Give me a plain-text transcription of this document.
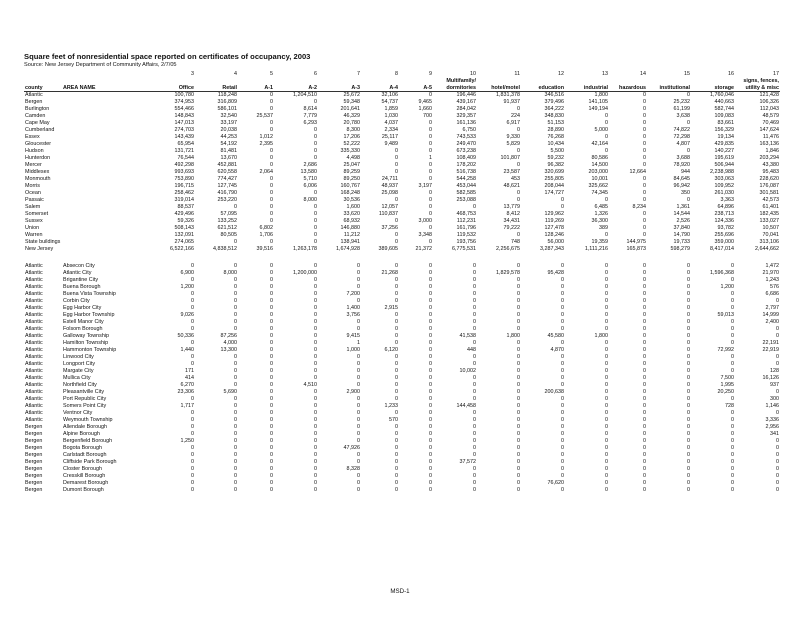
Square feet of nonresidential space reported on certificates of occupancy, 2003
Source: New Jersey Department of Community Affairs, 2/7/05
		3	4	5	6	7	8	9	10	11	12	13	14	15	16	17
									Multifamily/							signs, fences,
county	AREA NAME	Office	Retail	A-1	A-2	A-3	A-4	A-5	dormitories	hotel/motel	education	industrial	hazardous	institutional	storage	utility & misc
Atlantic		100,780	118,248	0	1,204,510	25,672	32,106	0	196,446	1,831,378	346,516	1,800	0	0	1,760,046	121,428
Bergen		374,953	316,809	0	0	59,348	54,737	9,465	439,167	91,937	379,496	141,105	0	25,232	440,663	106,326
Burlington		554,466	586,101	0	8,614	201,641	1,859	1,660	284,042	0	364,222	149,194	0	61,199	582,744	112,043
Camden		148,843	32,540	25,537	7,779	46,329	1,030	700	329,357	224	348,830	0	0	3,638	109,083	48,579
Cape May		147,013	33,197	0	6,293	20,780	4,037	0	161,136	6,917	51,153	0	0	0	83,661	70,469
Cumberland		274,703	20,038	0	0	8,300	2,334	0	6,750	0	28,890	5,000	0	74,822	156,329	147,624
Essex		143,439	44,253	1,012	0	17,206	25,117	0	743,533	9,330	76,268	0	0	72,298	19,134	11,476
Gloucester		65,954	54,192	2,395	0	52,222	9,489	0	249,470	5,829	10,434	42,164	0	4,807	429,835	163,136
Hudson		131,721	81,481	0	0	335,330	0	0	673,238	0	5,500	0	0	0	140,227	1,846
Hunterdon		76,544	13,670	0	0	4,498	0	1	108,409	101,807	59,232	80,586	0	3,688	195,619	203,294
Mercer		492,298	452,881	0	2,686	25,047	0	0	178,202	0	96,382	14,500	0	78,920	506,944	43,380
Middlesex		993,693	620,558	2,064	13,580	89,259	0	0	516,738	23,587	320,699	203,000	12,664	944	2,238,988	95,483
Monmouth		753,890	774,427	0	5,710	89,250	24,711	0	544,258	453	255,805	10,001	0	84,645	303,063	228,620
Morris		196,715	127,745	0	6,006	160,767	48,937	3,197	453,044	48,621	208,044	325,662	0	96,942	109,952	176,087
Ocean		258,462	416,790	0	0	168,248	25,098	0	582,585	0	174,727	74,345	0	350	261,030	301,581
Passaic		319,014	253,220	0	8,000	30,536	0	0	253,088	0	0	0	0	0	3,363	42,573
Salem		88,537	0	0	0	1,600	12,057	0	0	13,779	0	6,485	8,234	1,361	64,896	61,401
Somerset		429,496	57,095	0	0	33,620	110,837	0	468,753	8,412	129,962	1,326	0	14,544	238,713	182,435
Sussex		59,326	133,252	0	0	68,932	0	3,000	112,231	34,431	119,269	36,300	0	2,526	124,336	133,027
Union		508,143	621,512	6,802	0	146,880	37,256	0	161,796	79,222	127,478	389	0	37,840	93,782	10,507
Warren		132,091	80,505	1,706	0	11,212	0	3,348	119,532	0	128,246	0	0	14,790	255,696	70,041
State buildings		274,065	0	0	0	138,941	0	0	193,756	748	56,000	19,359	144,975	19,733	359,000	313,106
New Jersey		6,522,166	4,838,512	39,516	1,263,178	1,674,928	389,605	21,372	6,775,531	2,256,675	3,287,343	1,111,216	165,873	598,279	8,417,014	2,644,662

Atlantic	Absecon City	0	0	0	0	0	0	0	0	0	0	0	0	0	0	1,472
Atlantic	Atlantic City	6,900	8,000	0	1,200,000	0	21,268	0	0	1,829,578	95,428	0	0	0	1,596,368	21,970
Atlantic	Brigantine City	0	0	0	0	0	0	0	0	0	0	0	0	0	0	1,243
Atlantic	Buena Borough	1,200	0	0	0	0	0	0	0	0	0	0	0	0	1,200	576
Atlantic	Buena Vista Township	0	0	0	0	7,200	0	0	0	0	0	0	0	0	0	6,686
Atlantic	Corbin City	0	0	0	0	0	0	0	0	0	0	0	0	0	0	0
Atlantic	Egg Harbor City	0	0	0	0	1,400	2,915	0	0	0	0	0	0	0	0	2,797
Atlantic	Egg Harbor Township	9,026	0	0	0	3,756	0	0	0	0	0	0	0	0	59,013	14,999
Atlantic	Estell Manor City	0	0	0	0	0	0	0	0	0	0	0	0	0	0	2,400
Atlantic	Folsom Borough	0	0	0	0	0	0	0	0	0	0	0	0	0	0	0
Atlantic	Galloway Township	50,336	87,256	0	0	9,415	0	0	41,538	1,800	45,580	1,800	0	0	0	0
Atlantic	Hamilton Township	0	4,000	0	0	1	0	0	0	0	0	0	0	0	0	22,191
Atlantic	Hammonton Township	1,440	13,300	0	0	1,000	6,120	0	448	0	4,870	0	0	0	72,992	22,919
Atlantic	Linwood City	0	0	0	0	0	0	0	0	0	0	0	0	0	0	0
Atlantic	Longport City	0	0	0	0	0	0	0	0	0	0	0	0	0	0	0
Atlantic	Margate City	171	0	0	0	0	0	0	10,002	0	0	0	0	0	0	128
Atlantic	Mullica City	414	0	0	0	0	0	0	0	0	0	0	0	0	7,500	16,126
Atlantic	Northfield City	6,270	0	0	4,510	0	0	0	0	0	0	0	0	0	1,995	937
Atlantic	Pleasantville City	23,306	5,690	0	0	2,900	0	0	0	0	200,638	0	0	0	20,250	0
Atlantic	Port Republic City	0	0	0	0	0	0	0	0	0	0	0	0	0	0	300
Atlantic	Somers Point City	1,717	0	0	0	0	1,233	0	144,458	0	0	0	0	0	728	1,146
Atlantic	Ventnor City	0	0	0	0	0	0	0	0	0	0	0	0	0	0	0
Atlantic	Weymouth Township	0	0	0	0	0	570	0	0	0	0	0	0	0	0	3,336
Bergen	Allendale Borough	0	0	0	0	0	0	0	0	0	0	0	0	0	0	2,956
Bergen	Alpine Borough	0	0	0	0	0	0	0	0	0	0	0	0	0	0	341
Bergen	Bergenfield Borough	1,250	0	0	0	0	0	0	0	0	0	0	0	0	0	0
Bergen	Bogota Borough	0	0	0	0	47,926	0	0	0	0	0	0	0	0	0	0
Bergen	Carlstadt Borough	0	0	0	0	0	0	0	0	0	0	0	0	0	0	0
Bergen	Cliffside Park Borough	0	0	0	0	0	0	0	37,572	0	0	0	0	0	0	0
Bergen	Closter Borough	0	0	0	0	8,328	0	0	0	0	0	0	0	0	0	0
Bergen	Cresskill Borough	0	0	0	0	0	0	0	0	0	0	0	0	0	0	0
Bergen	Demarest Borough	0	0	0	0	0	0	0	0	0	76,620	0	0	0	0	0
Bergen	Dumont Borough	0	0	0	0	0	0	0	0	0	0	0	0	0	0	0
MSD-1
